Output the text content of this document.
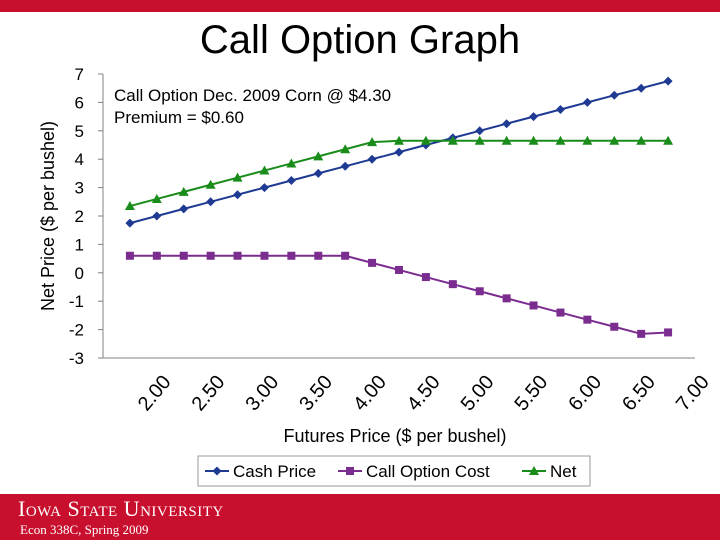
Call Option Graph
7
6
5
4
3
2
1
0
-1
-2
-3
2.00 2.50 3.00 3.50 4.00 4.50 5.00 5.50 6.00 6.50 7.00
Call Option Dec. 2009 Corn @ $4.30
Premium = $0.60
Net Price ($ per bushel)
Futures Price ($ per bushel)
Cash Price	Call Option Cost	Net
Iowa State University
Econ 338C, Spring 2009
